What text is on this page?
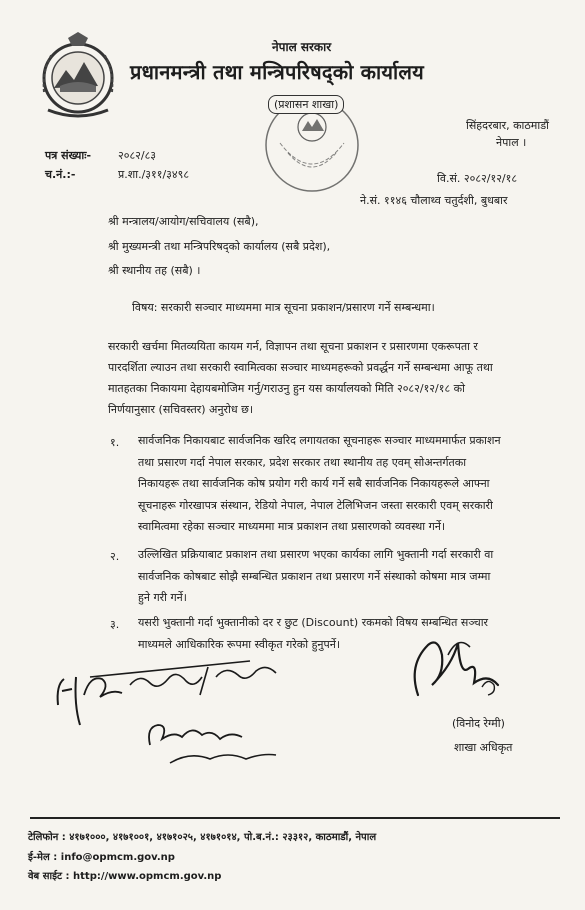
नेपाल सरकार
प्रधानमन्त्री तथा मन्त्रिपरिषद्को कार्यालय
(प्रशासन शाखा)
सिंहदरबार, काठमाडौं
नेपाल ।
पत्र संख्याः- २०८२/८३
च.नं.:-	प्र.शा./३११/३४९८	वि.सं. २०८२/१२/१८
ने.सं. ११४६ चौलाथ्व चतुर्दशी, बुधबार
श्री मन्त्रालय/आयोग/सचिवालय (सबै),
श्री मुख्यमन्त्री तथा मन्त्रिपरिषद्को कार्यालय (सबै प्रदेश),
श्री स्थानीय तह (सबै) ।
विषय: सरकारी सञ्चार माध्यममा मात्र सूचना प्रकाशन/प्रसारण गर्ने सम्बन्धमा।
सरकारी खर्चमा मितव्ययिता कायम गर्न, विज्ञापन तथा सूचना प्रकाशन र प्रसारणमा एकरूपता र
पारदर्शिता ल्याउन तथा सरकारी स्वामित्वका सञ्चार माध्यमहरूको प्रवर्द्धन गर्ने सम्बन्धमा आफू तथा
मातहतका निकायमा देहायबमोजिम गर्नु/गराउनु हुन यस कार्यालयको मिति २०८२/१२/१८ को
निर्णयानुसार (सचिवस्तर) अनुरोध छ।
१. सार्वजनिक निकायबाट सार्वजनिक खरिद लगायतका सूचनाहरू सञ्चार माध्यममार्फत प्रकाशन
तथा प्रसारण गर्दा नेपाल सरकार, प्रदेश सरकार तथा स्थानीय तह एवम् सोअन्तर्गतका
निकायहरू तथा सार्वजनिक कोष प्रयोग गरी कार्य गर्ने सबै सार्वजनिक निकायहरूले आफ्ना
सूचनाहरू गोरखापत्र संस्थान, रेडियो नेपाल, नेपाल टेलिभिजन जस्ता सरकारी एवम् सरकारी
स्वामित्वमा रहेका सञ्चार माध्यममा मात्र प्रकाशन तथा प्रसारणको व्यवस्था गर्ने।
२. उल्लिखित प्रक्रियाबाट प्रकाशन तथा प्रसारण भएका कार्यका लागि भुक्तानी गर्दा सरकारी वा
सार्वजनिक कोषबाट सोझै सम्बन्धित प्रकाशन तथा प्रसारण गर्ने संस्थाको कोषमा मात्र जम्मा
हुने गरी गर्ने।
३. यसरी भुक्तानी गर्दा भुक्तानीको दर र छुट (Discount) रकमको विषय सम्बन्धित सञ्चार
माध्यमले आधिकारिक रूपमा स्वीकृत गरेको हुनुपर्ने।
(विनोद रेग्मी)
शाखा अधिकृत
टेलिफोन : ४१७१०००, ४१७१००१, ४१७१०२५, ४१७१०१४, पो.ब.नं.: २३३१२, काठमाडौं, नेपाल
ई-मेल : info@opmcm.gov.np
वेब साईट : http://www.opmcm.gov.np
